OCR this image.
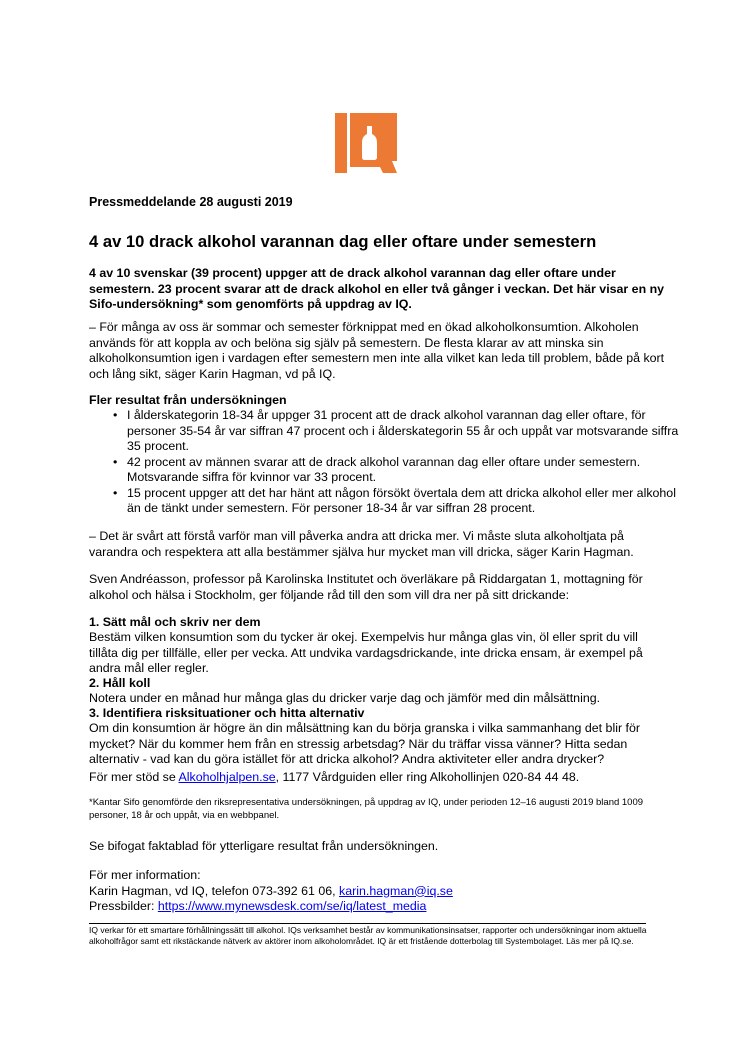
Pressmeddelande 28 augusti 2019
4 av 10 drack alkohol varannan dag eller oftare under semestern
4 av 10 svenskar (39 procent) uppger att de drack alkohol varannan dag eller oftare under semestern. 23 procent svarar att de drack alkohol en eller två gånger i veckan. Det här visar en ny Sifo-undersökning* som genomförts på uppdrag av IQ.
– För många av oss är sommar och semester förknippat med en ökad alkoholkonsumtion. Alkoholen används för att koppla av och belöna sig själv på semestern. De flesta klarar av att minska sin alkoholkonsumtion igen i vardagen efter semestern men inte alla vilket kan leda till problem, både på kort och lång sikt, säger Karin Hagman, vd på IQ.
Fler resultat från undersökningen
• I ålderskategorin 18-34 år uppger 31 procent att de drack alkohol varannan dag eller oftare, för personer 35-54 år var siffran 47 procent och i ålderskategorin 55 år och uppåt var motsvarande siffra 35 procent.
• 42 procent av männen svarar att de drack alkohol varannan dag eller oftare under semestern. Motsvarande siffra för kvinnor var 33 procent.
• 15 procent uppger att det har hänt att någon försökt övertala dem att dricka alkohol eller mer alkohol än de tänkt under semestern. För personer 18-34 år var siffran 28 procent.
– Det är svårt att förstå varför man vill påverka andra att dricka mer. Vi måste sluta alkoholtjata på varandra och respektera att alla bestämmer själva hur mycket man vill dricka, säger Karin Hagman.
Sven Andréasson, professor på Karolinska Institutet och överläkare på Riddargatan 1, mottagning för alkohol och hälsa i Stockholm, ger följande råd till den som vill dra ner på sitt drickande:
1. Sätt mål och skriv ner dem
Bestäm vilken konsumtion som du tycker är okej. Exempelvis hur många glas vin, öl eller sprit du vill tillåta dig per tillfälle, eller per vecka. Att undvika vardagsdrickande, inte dricka ensam, är exempel på andra mål eller regler.
2. Håll koll
Notera under en månad hur många glas du dricker varje dag och jämför med din målsättning.
3. Identifiera risksituationer och hitta alternativ
Om din konsumtion är högre än din målsättning kan du börja granska i vilka sammanhang det blir för mycket? När du kommer hem från en stressig arbetsdag? När du träffar vissa vänner? Hitta sedan alternativ - vad kan du göra istället för att dricka alkohol? Andra aktiviteter eller andra drycker?
För mer stöd se Alkoholhjalpen.se, 1177 Vårdguiden eller ring Alkohollinjen 020-84 44 48.
*Kantar Sifo genomförde den riksrepresentativa undersökningen, på uppdrag av IQ, under perioden 12–16 augusti 2019 bland 1009 personer, 18 år och uppåt, via en webbpanel.
Se bifogat faktablad för ytterligare resultat från undersökningen.
För mer information:
Karin Hagman, vd IQ, telefon 073-392 61 06, karin.hagman@iq.se
Pressbilder: https://www.mynewsdesk.com/se/iq/latest_media
IQ verkar för ett smartare förhållningssätt till alkohol. IQs verksamhet består av kommunikationsinsatser, rapporter och undersökningar inom aktuella alkoholfrågor samt ett rikstäckande nätverk av aktörer inom alkoholområdet. IQ är ett fristående dotterbolag till Systembolaget. Läs mer på IQ.se.
